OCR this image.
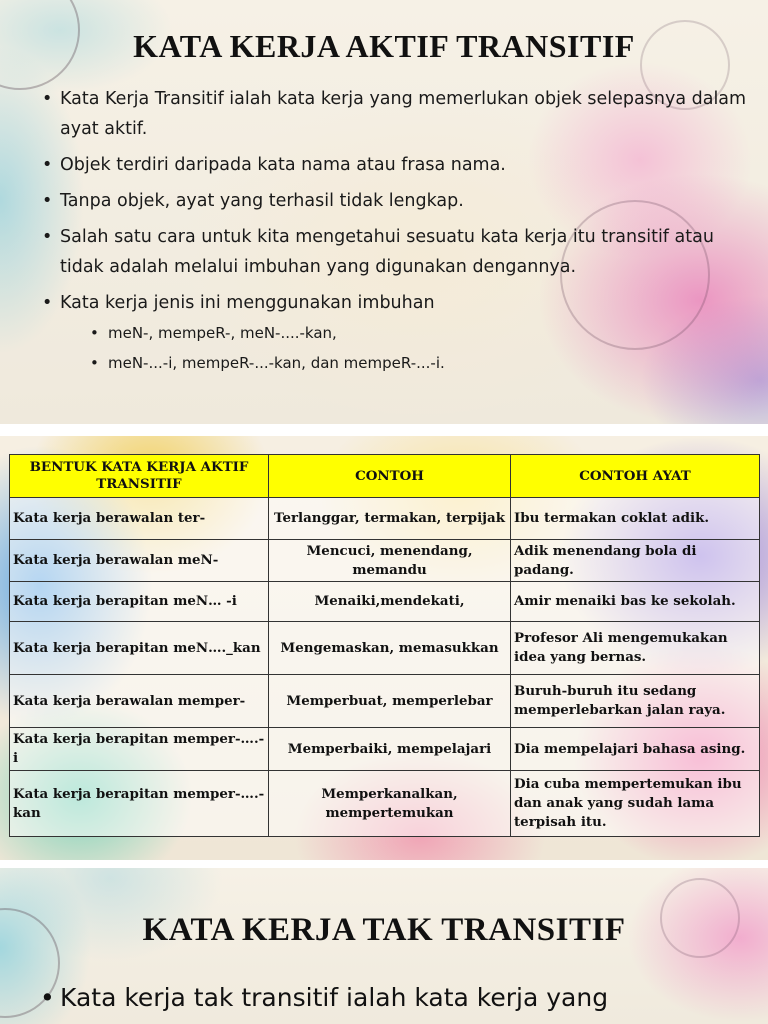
KATA KERJA AKTIF TRANSITIF
• Kata Kerja Transitif ialah kata kerja yang memerlukan objek selepasnya dalam ayat aktif.
• Objek terdiri daripada kata nama atau frasa nama.
• Tanpa objek, ayat yang terhasil tidak lengkap.
• Salah satu cara untuk kita mengetahui sesuatu kata kerja itu transitif atau tidak adalah melalui imbuhan yang digunakan dengannya.
• Kata kerja jenis ini menggunakan imbuhan
• meN-, mempeR-, meN-....-kan,
• meN-...-i, mempeR-...-kan, dan mempeR-...-i.
BENTUK KATA KERJA AKTIF TRANSITIF	CONTOH	CONTOH AYAT
Kata kerja berawalan ter-	Terlanggar, termakan, terpijak	Ibu termakan coklat adik.
Kata kerja berawalan meN-	Mencuci, menendang, memandu	Adik menendang bola di padang.
Kata kerja berapitan meN… -i	Menaiki,mendekati,	Amir menaiki bas ke sekolah.
Kata kerja berapitan meN…._kan	Mengemaskan, memasukkan	Profesor Ali mengemukakan idea yang bernas.
Kata kerja berawalan memper-	Memperbuat, memperlebar	Buruh-buruh itu sedang memperlebarkan jalan raya.
Kata kerja berapitan memper-….-i	Memperbaiki, mempelajari	Dia mempelajari bahasa asing.
Kata kerja berapitan memper-….-kan	Memperkanalkan, mempertemukan	Dia cuba mempertemukan ibu dan anak yang sudah lama terpisah itu.
KATA KERJA TAK TRANSITIF
• Kata kerja tak transitif ialah kata kerja yang
